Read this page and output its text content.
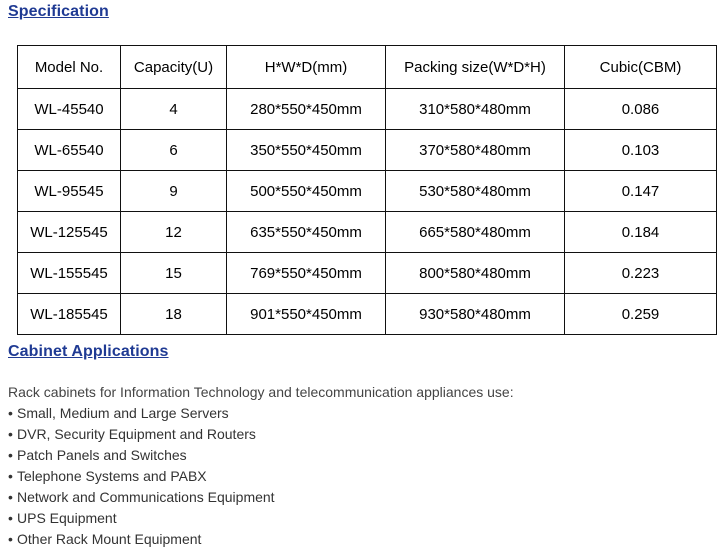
Specification
Model No.	Capacity(U)	H*W*D(mm)	Packing size(W*D*H)	Cubic(CBM)
WL-45540	4	280*550*450mm	310*580*480mm	0.086
WL-65540	6	350*550*450mm	370*580*480mm	0.103
WL-95545	9	500*550*450mm	530*580*480mm	0.147
WL-125545	12	635*550*450mm	665*580*480mm	0.184
WL-155545	15	769*550*450mm	800*580*480mm	0.223
WL-185545	18	901*550*450mm	930*580*480mm	0.259
Cabinet Applications
Rack cabinets for Information Technology and telecommunication appliances use:
• Small, Medium and Large Servers
• DVR, Security Equipment and Routers
• Patch Panels and Switches
• Telephone Systems and PABX
• Network and Communications Equipment
• UPS Equipment
• Other Rack Mount Equipment
